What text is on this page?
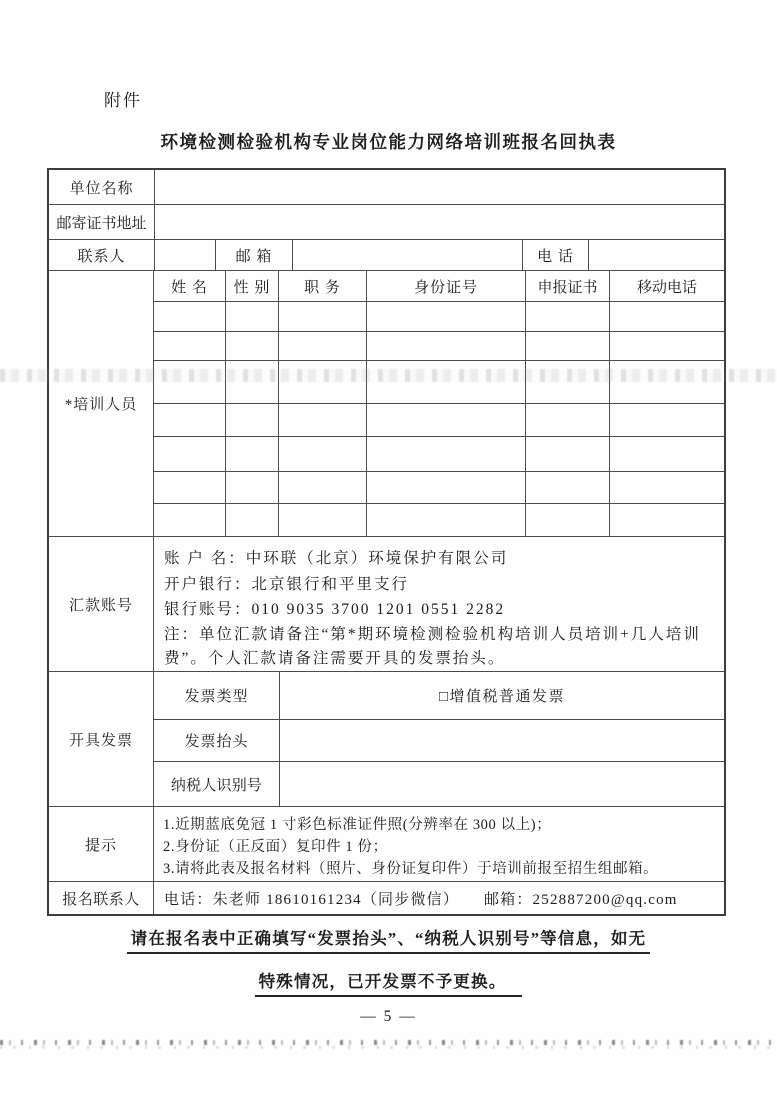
附件
环境检测检验机构专业岗位能力网络培训班报名回执表
单位名称
邮寄证书地址
联系人	邮 箱	电 话
*培训人员
姓 名	性 别	职 务	身份证号	申报证书	移动电话
汇款账号
账 户 名：中环联（北京）环境保护有限公司
开户银行：北京银行和平里支行
银行账号：010 9035 3700 1201 0551 2282
注：单位汇款请备注“第*期环境检测检验机构培训人员培训+几人培训费”。个人汇款请备注需要开具的发票抬头。
开具发票
发票类型	□增值税普通发票
发票抬头
纳税人识别号
提示
1.近期蓝底免冠 1 寸彩色标准证件照(分辨率在 300 以上)；
2.身份证（正反面）复印件 1 份；
3.请将此表及报名材料（照片、身份证复印件）于培训前报至招生组邮箱。
报名联系人	电话：朱老师 18610161234（同步微信）　　邮箱：252887200@qq.com
请在报名表中正确填写“发票抬头”、“纳税人识别号”等信息，如无
特殊情况，已开发票不予更换。
— 5 —
